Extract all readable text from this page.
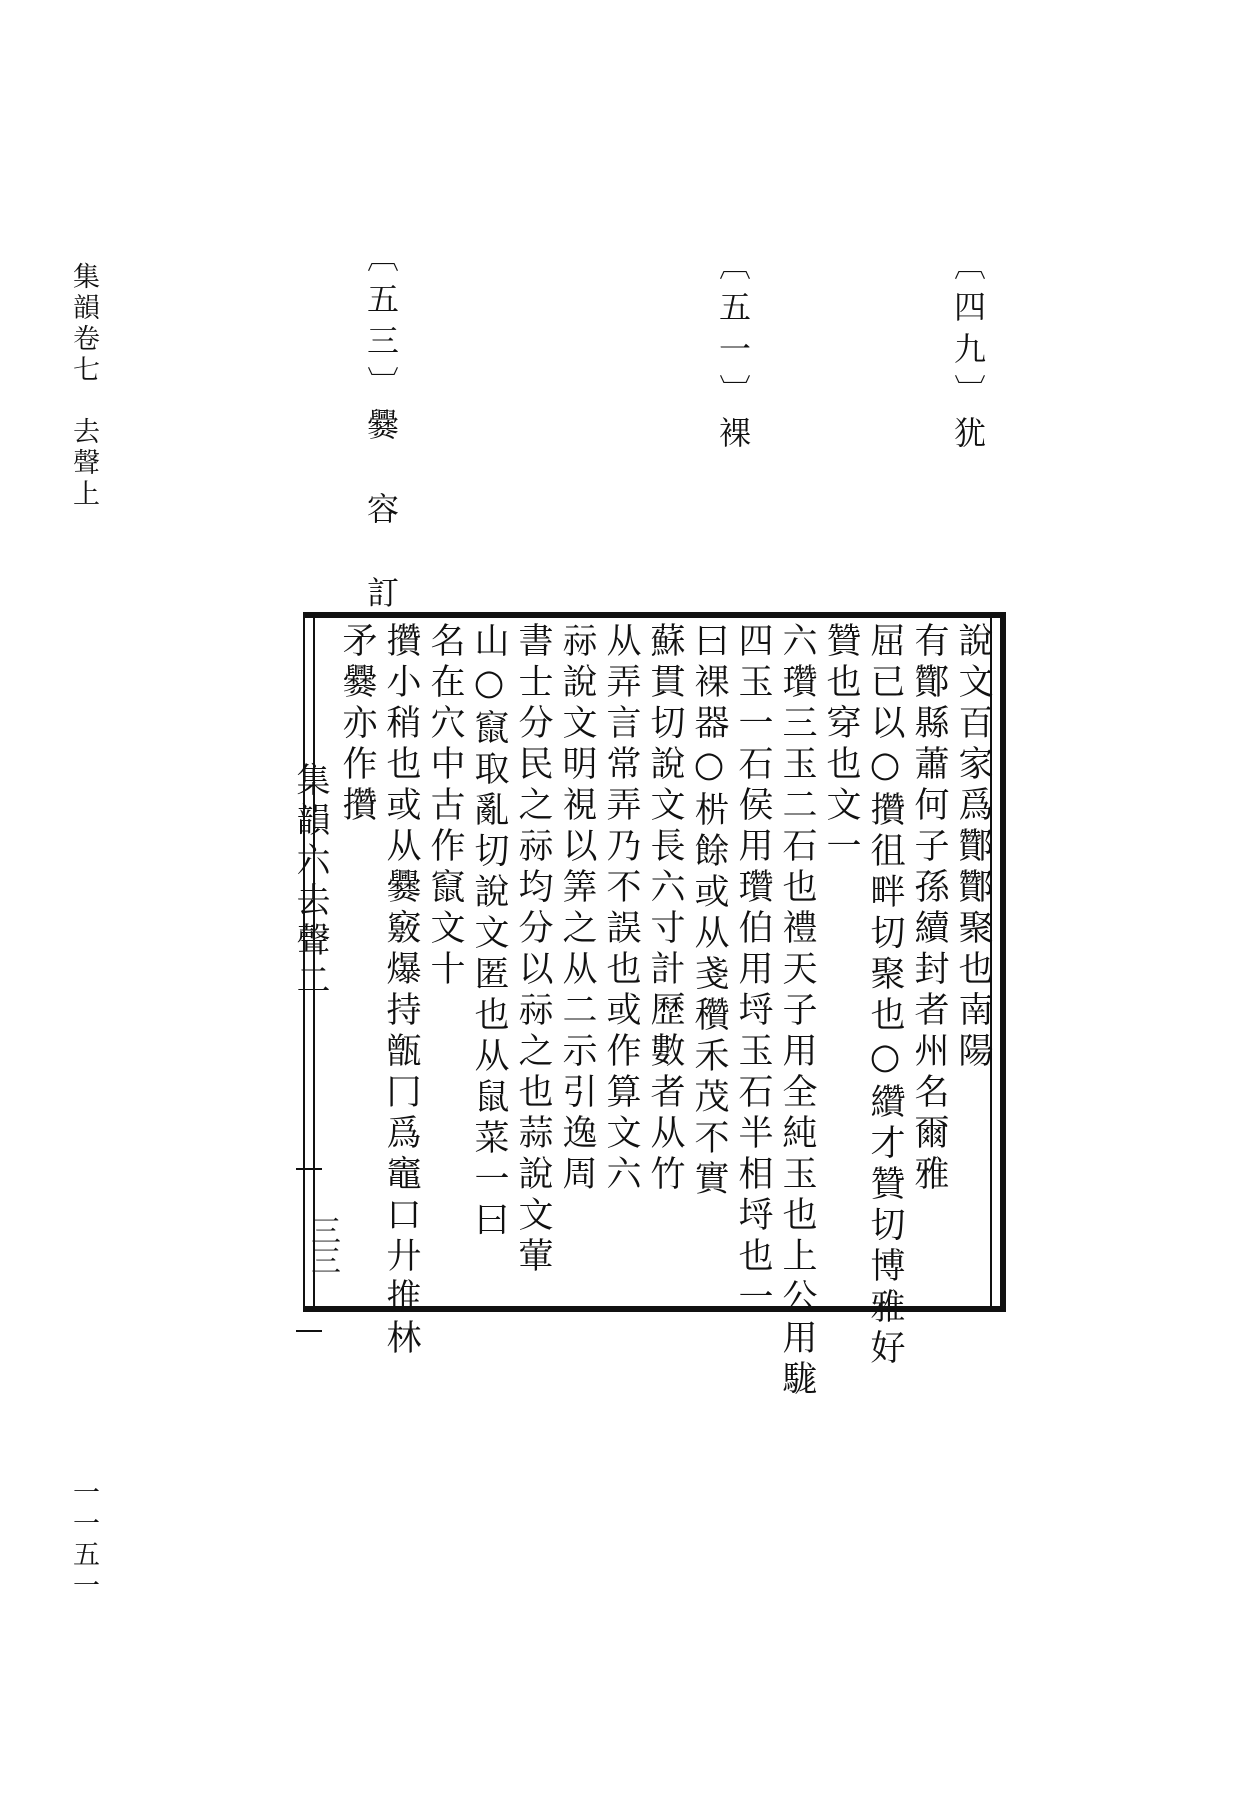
集韻卷七　去聲上	〔四九〕犹
〔五一〕裸
〔五三〕爨　容　訂
說文百家爲酇酇聚也南陽
有酇縣蕭何子孫續封者州名爾雅
屈已以○攢徂畔切聚也○纘才贊切博雅好
贊也穿也文一
六瓚三玉二石也禮天子用全純玉也上公用駹
四玉一石侯用瓚伯用埒玉石半相埒也一
曰裸器○㭊餘或从戔穳禾茂不實
蘇貫切說文長六寸計歷數者从竹
从弄言常弄乃不誤也或作算文六
祘說文明視以筭之从二示引逸周
書士分民之祘均分以祘之也蒜說文葷
山○竄取亂切說文匿也从鼠菜一曰
名在穴中古作竄文十
攢小稍也或从爨竅爆持甑冂爲竈口廾推林
矛爨亦作攢
集韻六去聲二
三三
一一五一
